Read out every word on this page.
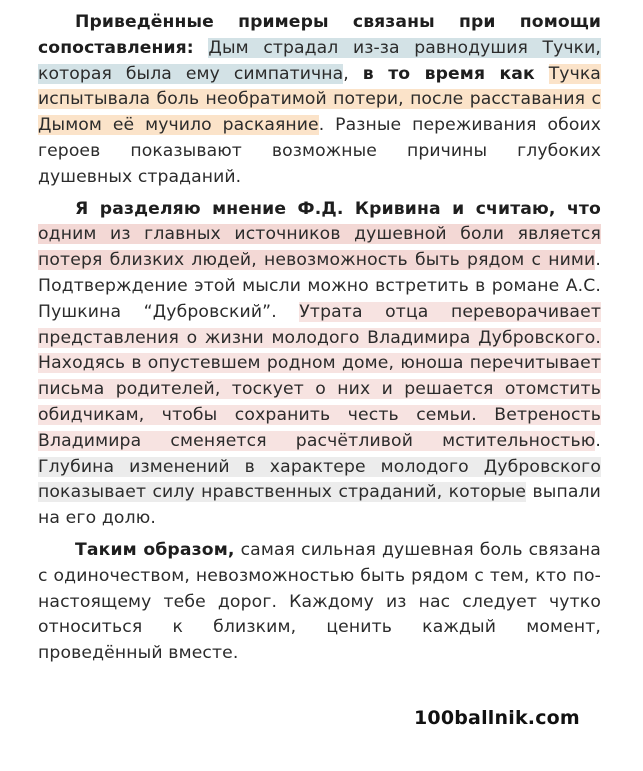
Приведённые примеры связаны при помощи сопоставления: Дым страдал из-за равнодушия Тучки, которая была ему симпатична, в то время как Тучка испытывала боль необратимой потери, после расставания с Дымом её мучило раскаяние. Разные переживания обоих героев показывают возможные причины глубоких душевных страданий.

Я разделяю мнение Ф.Д. Кривина и считаю, что одним из главных источников душевной боли является потеря близких людей, невозможность быть рядом с ними. Подтверждение этой мысли можно встретить в романе А.С. Пушкина “Дубровский”. Утрата отца переворачивает представления о жизни молодого Владимира Дубровского. Находясь в опустевшем родном доме, юноша перечитывает письма родителей, тоскует о них и решается отомстить обидчикам, чтобы сохранить честь семьи. Ветреность Владимира сменяется расчётливой мстительностью. Глубина изменений в характере молодого Дубровского показывает силу нравственных страданий, которые выпали на его долю.

Таким образом, самая сильная душевная боль связана с одиночеством, невозможностью быть рядом с тем, кто по-настоящему тебе дорог. Каждому из нас следует чутко относиться к близким, ценить каждый момент, проведённый вместе.

100ballnik.com
